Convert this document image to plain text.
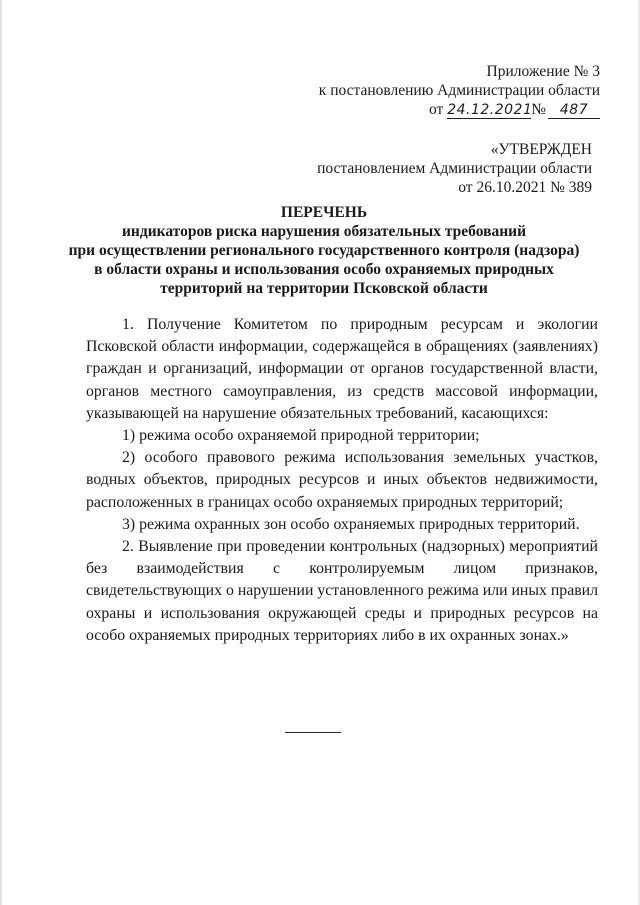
Приложение № 3
к постановлению Администрации области
от 24.12.2021№ 487
«УТВЕРЖДЕН
постановлением Администрации области
от 26.10.2021 № 389
ПЕРЕЧЕНЬ
индикаторов риска нарушения обязательных требований
при осуществлении регионального государственного контроля (надзора)
в области охраны и использования особо охраняемых природных
территорий на территории Псковской области

1. Получение Комитетом по природным ресурсам и экологии Псковской области информации, содержащейся в обращениях (заявлениях) граждан и организаций, информации от органов государственной власти, органов местного самоуправления, из средств массовой информации, указывающей на нарушение обязательных требований, касающихся:

1) режима особо охраняемой природной территории;

2) особого правового режима использования земельных участков, водных объектов, природных ресурсов и иных объектов недвижимости, расположенных в границах особо охраняемых природных территорий;

3) режима охранных зон особо охраняемых природных территорий.

2. Выявление при проведении контрольных (надзорных) мероприятий без взаимодействия с контролируемым лицом признаков, свидетельствующих о нарушении установленного режима или иных правил охраны и использования окружающей среды и природных ресурсов на особо охраняемых природных территориях либо в их охранных зонах.»
